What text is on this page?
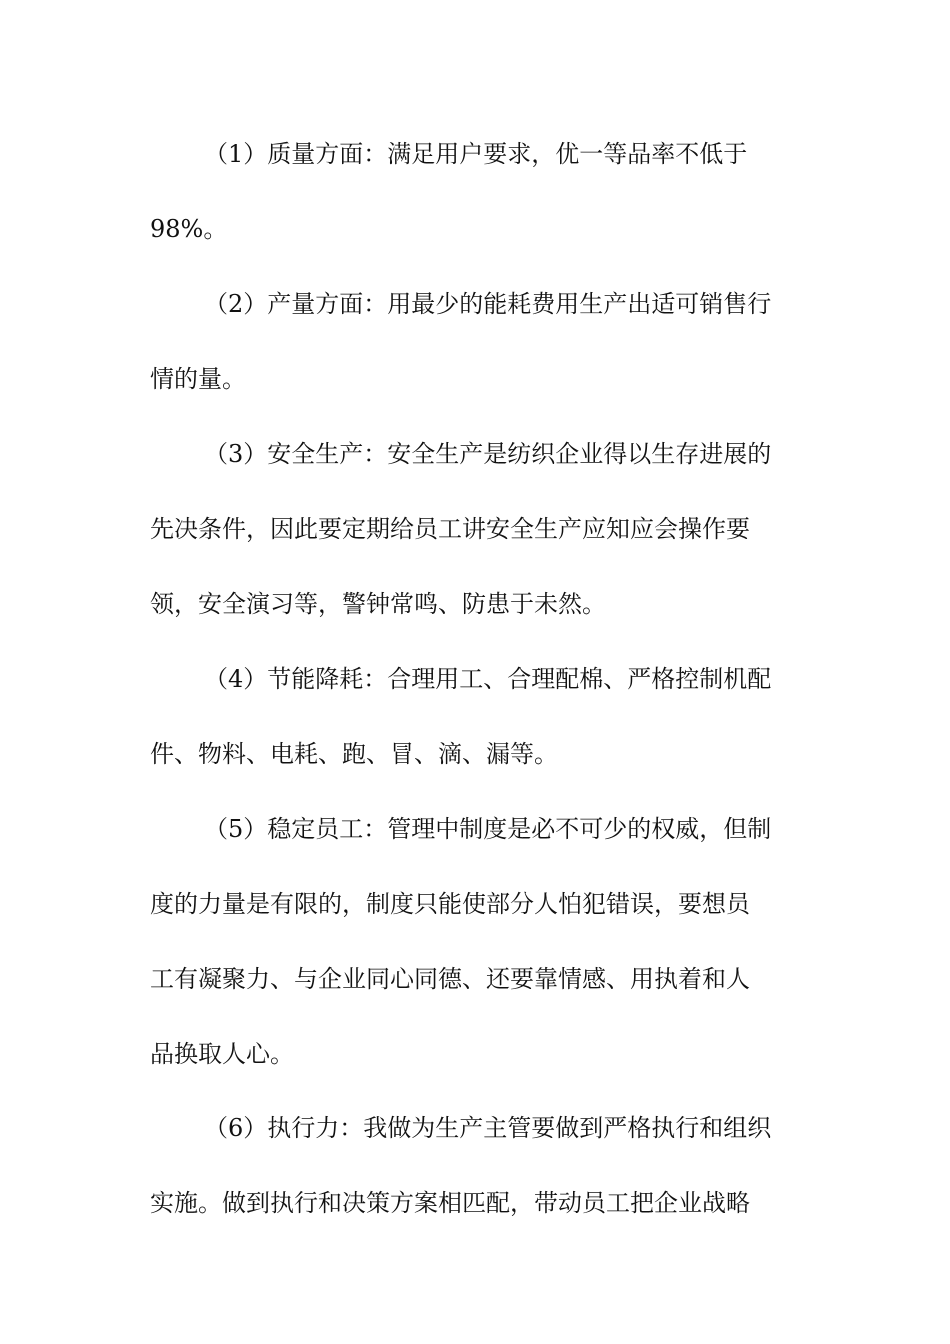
（1）质量方面：满足用户要求，优一等品率不低于
98%。
（2）产量方面：用最少的能耗费用生产出适可销售行
情的量。
（3）安全生产：安全生产是纺织企业得以生存进展的
先决条件，因此要定期给员工讲安全生产应知应会操作要
领，安全演习等，警钟常鸣、防患于未然。
（4）节能降耗：合理用工、合理配棉、严格控制机配
件、物料、电耗、跑、冒、滴、漏等。
（5）稳定员工：管理中制度是必不可少的权威，但制
度的力量是有限的，制度只能使部分人怕犯错误，要想员
工有凝聚力、与企业同心同德、还要靠情感、用执着和人
品换取人心。
（6）执行力：我做为生产主管要做到严格执行和组织
实施。做到执行和决策方案相匹配，带动员工把企业战略
